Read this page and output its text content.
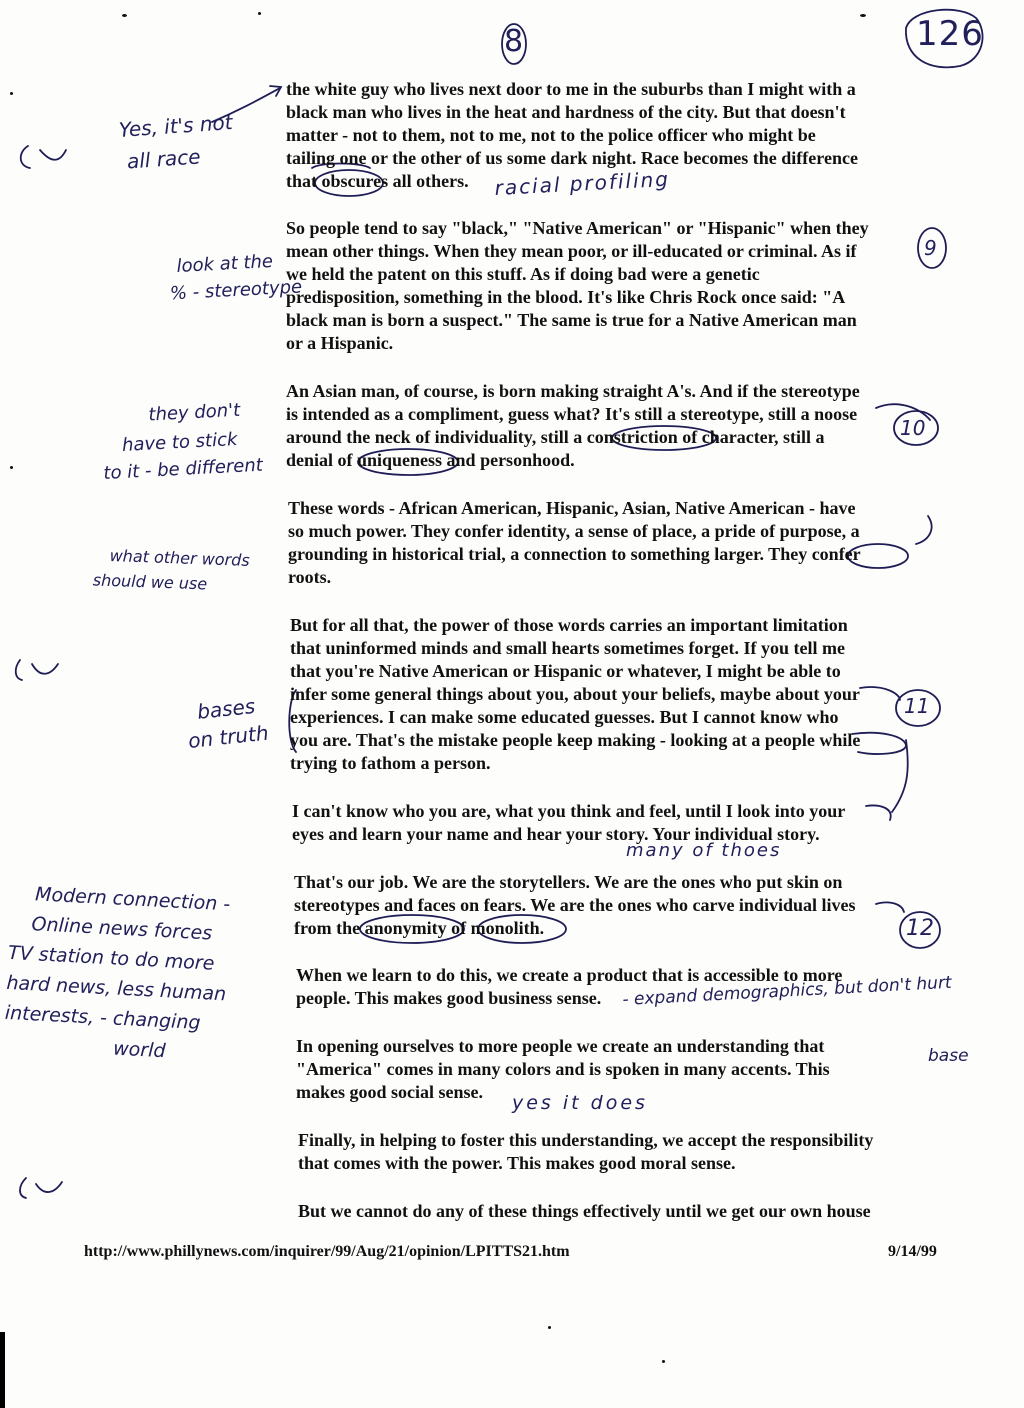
8	126
the white guy who lives next door to me in the suburbs than I might with a
black man who lives in the heat and hardness of the city. But that doesn't
matter - not to them, not to me, not to the police officer who might be
tailing one or the other of us some dark night. Race becomes the difference
that obscures all others.
So people tend to say "black," "Native American" or "Hispanic" when they
mean other things. When they mean poor, or ill-educated or criminal. As if
we held the patent on this stuff. As if doing bad were a genetic
predisposition, something in the blood. It's like Chris Rock once said: "A
black man is born a suspect." The same is true for a Native American man
or a Hispanic.
An Asian man, of course, is born making straight A's. And if the stereotype
is intended as a compliment, guess what? It's still a stereotype, still a noose
around the neck of individuality, still a constriction of character, still a
denial of uniqueness and personhood.
These words - African American, Hispanic, Asian, Native American - have
so much power. They confer identity, a sense of place, a pride of purpose, a
grounding in historical trial, a connection to something larger. They confer
roots.
But for all that, the power of those words carries an important limitation
that uninformed minds and small hearts sometimes forget. If you tell me
that you're Native American or Hispanic or whatever, I might be able to
infer some general things about you, about your beliefs, maybe about your
experiences. I can make some educated guesses. But I cannot know who
you are. That's the mistake people keep making - looking at a people while
trying to fathom a person.
I can't know who you are, what you think and feel, until I look into your
eyes and learn your name and hear your story. Your individual story.
That's our job. We are the storytellers. We are the ones who put skin on
stereotypes and faces on fears. We are the ones who carve individual lives
from the anonymity of monolith.
When we learn to do this, we create a product that is accessible to more
people. This makes good business sense.
In opening ourselves to more people we create an understanding that
"America" comes in many colors and is spoken in many accents. This
makes good social sense.
Finally, in helping to foster this understanding, we accept the responsibility
that comes with the power. This makes good moral sense.
But we cannot do any of these things effectively until we get our own house
http://www.phillynews.com/inquirer/99/Aug/21/opinion/LPITTS21.htm	9/14/99
Yes, it's not
all race
racial profiling
look at the
% - stereotype
they don't
have to stick
to it - be different
what other words
should we use
bases
on truth
many of thoes
Modern connection -
Online news forces
TV station to do more
hard news, less human
interests, - changing
world
- expand demographics, but don't hurt
base
yes it does
9
10
11
12
